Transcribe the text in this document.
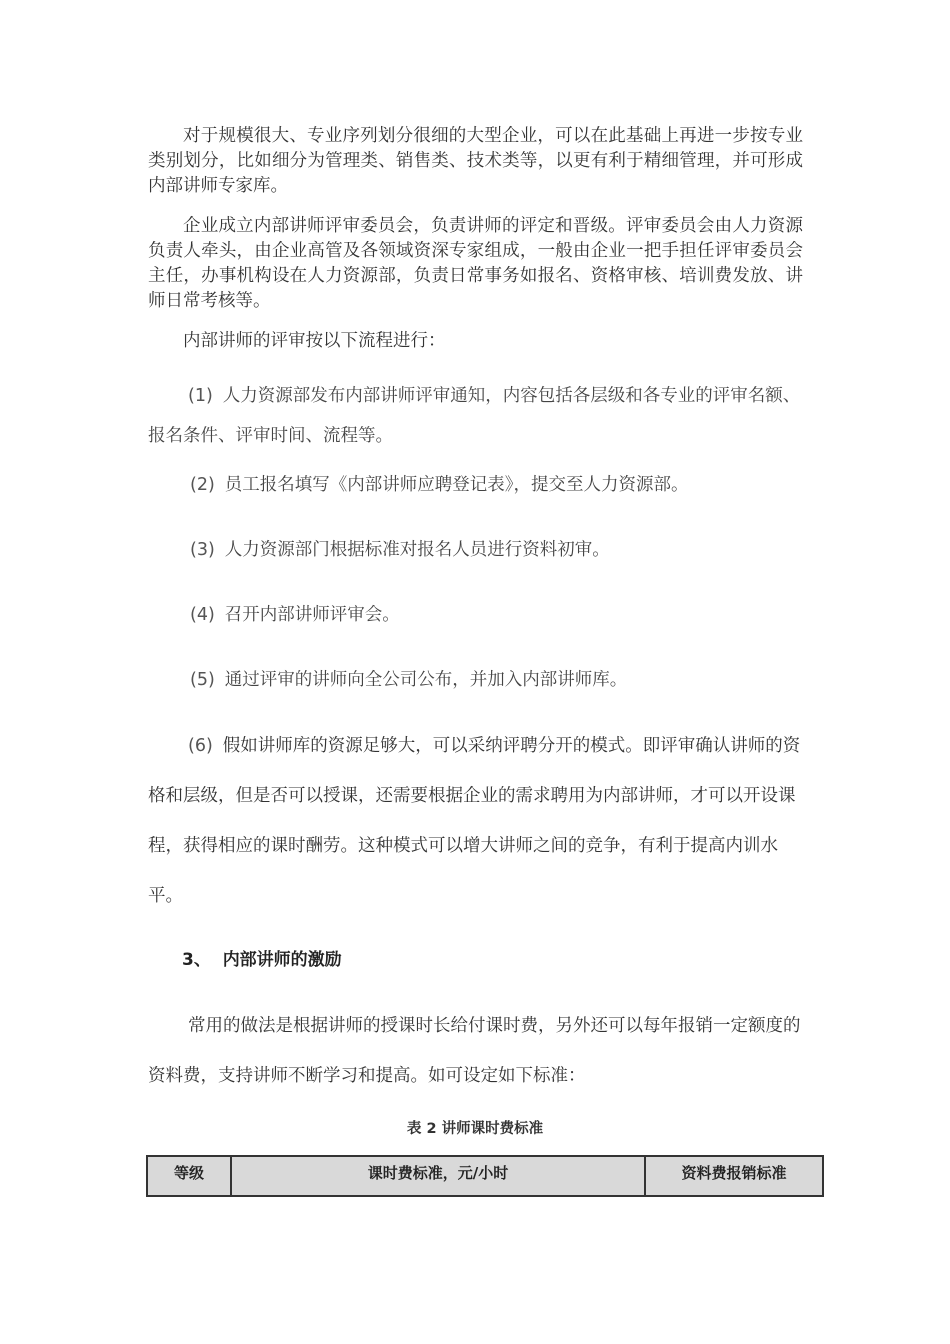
对于规模很大、专业序列划分很细的大型企业，可以在此基础上再进一步按专业类别划分，比如细分为管理类、销售类、技术类等，以更有利于精细管理，并可形成内部讲师专家库。

企业成立内部讲师评审委员会，负责讲师的评定和晋级。评审委员会由人力资源负责人牵头，由企业高管及各领域资深专家组成，一般由企业一把手担任评审委员会主任，办事机构设在人力资源部，负责日常事务如报名、资格审核、培训费发放、讲师日常考核等。

内部讲师的评审按以下流程进行：

(1) 人力资源部发布内部讲师评审通知，内容包括各层级和各专业的评审名额、报名条件、评审时间、流程等。

(2) 员工报名填写《内部讲师应聘登记表》，提交至人力资源部。

(3) 人力资源部门根据标准对报名人员进行资料初审。

(4) 召开内部讲师评审会。

(5) 通过评审的讲师向全公司公布，并加入内部讲师库。

(6) 假如讲师库的资源足够大，可以采纳评聘分开的模式。即评审确认讲师的资格和层级，但是否可以授课，还需要根据企业的需求聘用为内部讲师，才可以开设课程，获得相应的课时酬劳。这种模式可以增大讲师之间的竞争，有利于提高内训水平。

3、 内部讲师的激励

常用的做法是根据讲师的授课时长给付课时费，另外还可以每年报销一定额度的资料费，支持讲师不断学习和提高。如可设定如下标准：

表 2 讲师课时费标准

等级	课时费标准，元/小时	资料费报销标准
